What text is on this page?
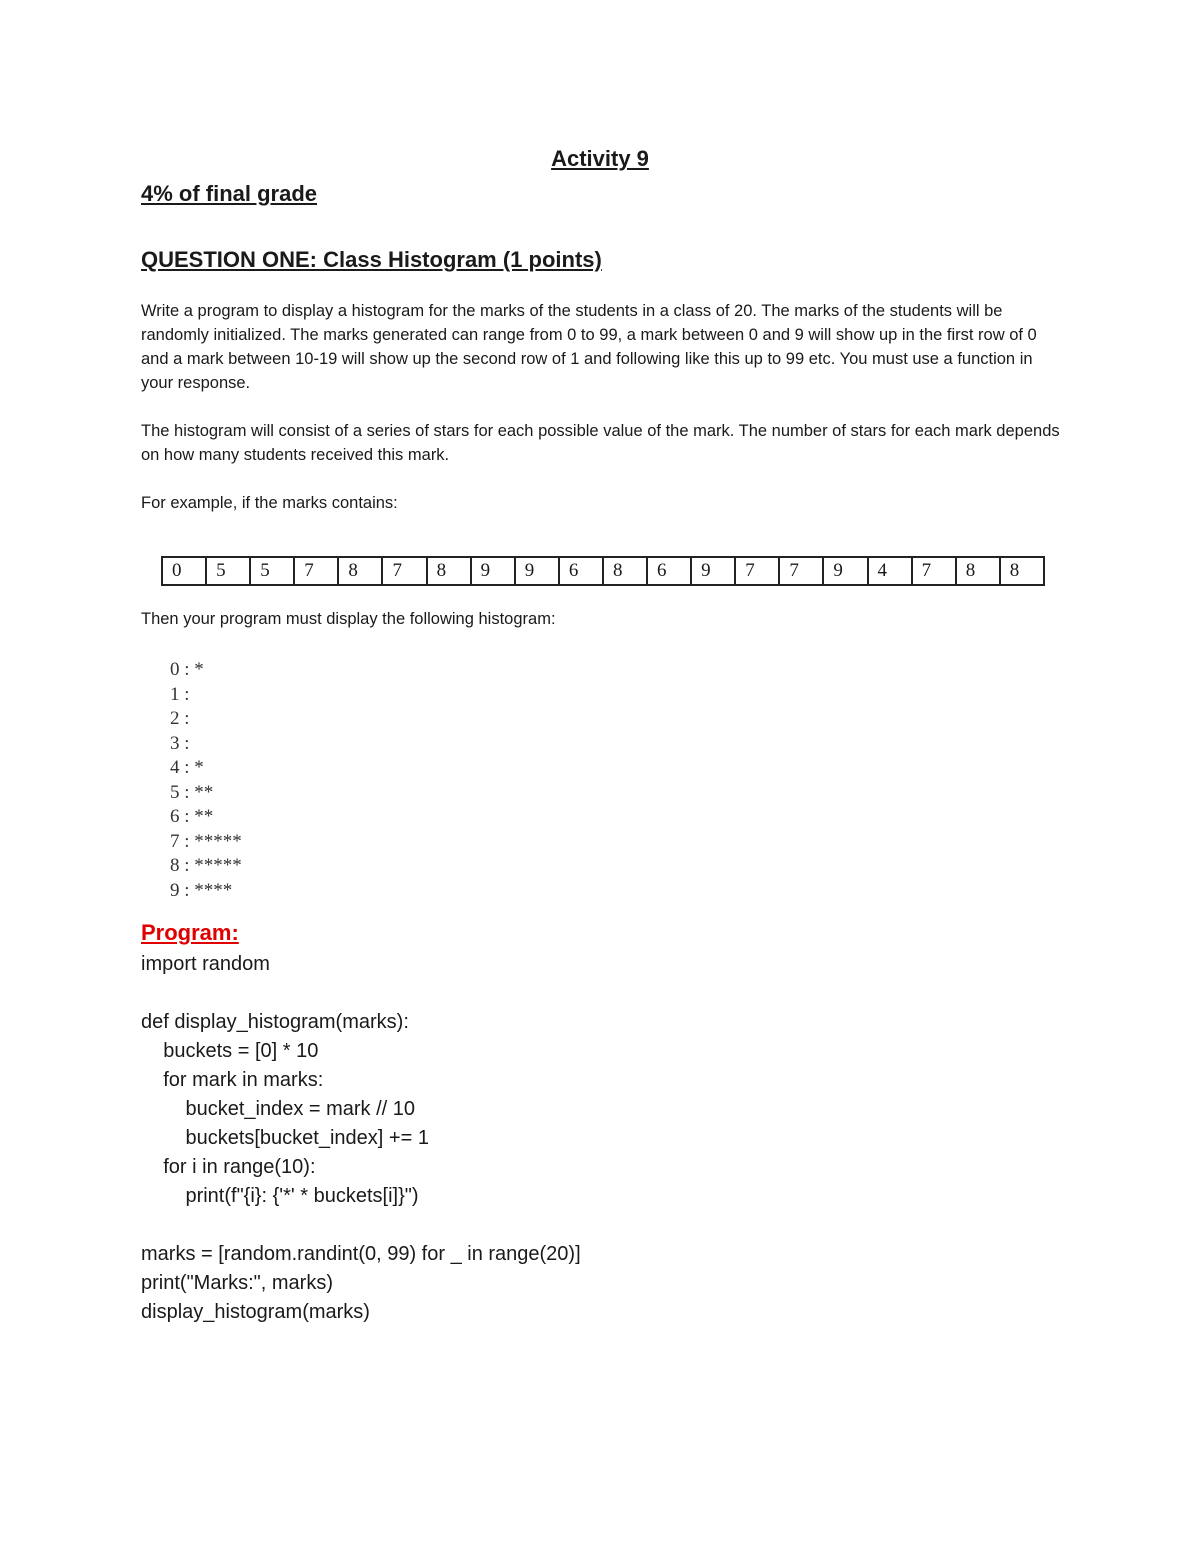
Activity 9
4% of final grade
QUESTION ONE: Class Histogram (1 points)
Write a program to display a histogram for the marks of the students in a class of 20. The marks of the students will be randomly initialized. The marks generated can range from 0 to 99, a mark between 0 and 9 will show up in the first row of 0 and a mark between 10-19 will show up the second row of 1 and following like this up to 99 etc. You must use a function in your response.
The histogram will consist of a series of stars for each possible value of the mark. The number of stars for each mark depends on how many students received this mark.
For example, if the marks contains:
0	5	5	7	8	7	8	9	9	6	8	6	9	7	7	9	4	7	8	8
Then your program must display the following histogram:
0 : *
1 :
2 :
3 :
4 : *
5 : **
6 : **
7 : *****
8 : *****
9 : ****
Program:
import random
def display_histogram(marks):
buckets = [0] * 10
for mark in marks:
bucket_index = mark // 10
buckets[bucket_index] += 1
for i in range(10):
print(f"{i}: {'*' * buckets[i]}")
marks = [random.randint(0, 99) for _ in range(20)]
print("Marks:", marks)
display_histogram(marks)
